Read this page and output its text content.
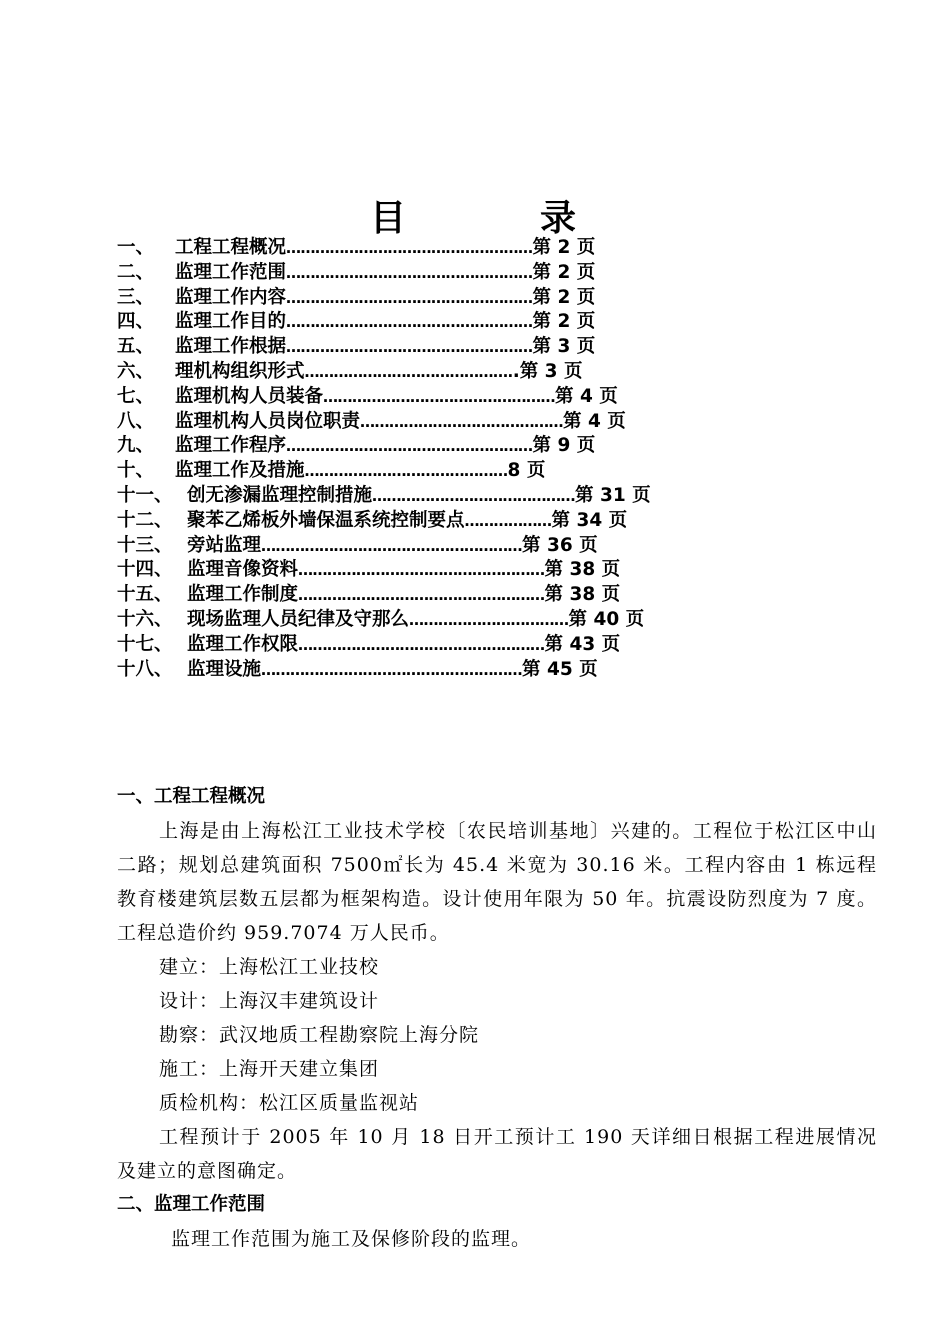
目	录
一、	工程工程概况 …………………………………………… 第 2 页
二、	监理工作范围 …………………………………………… 第 2 页
三、	监理工作内容 …………………………………………… 第 2 页
四、	监理工作目的 …………………………………………… 第 2 页
五、	监理工作根据 …………………………………………… 第 3 页
六、	理机构组织形式 ……………………………………. .第 3 页
七、	监理机构人员装备 ………………………………………… 第 4 页
八、	监理机构人员岗位职责 …………………………………… 第 4 页
九、	监理工作程序 …………………………………………… 第 9 页
十、	监理工作及措施 …………………………………… 8 页
十一、 创无渗漏监理控制措施 …………………………………… 第 31 页
十二、 聚苯乙烯板外墙保温系统控制要点 ……………… 第 34 页
十三、 旁站监理 ……………………………………………… 第 36 页
十四、 监理音像资料 …………………………………………… 第 38 页
十五、 监理工作制度 …………………………………………… 第 38 页
十六、 现场监理人员纪律及守那么 …………………………… 第 40 页
十七、 监理工作权限 …………………………………………… 第 43 页
十八、 监理设施 ……………………………………………… 第 45 页
一、工程工程概况
上海是由上海松江工业技术学校〔农民培训基地〕兴建的。工程位于松江区中山二路；规划总建筑面积 7500㎡长为 45.4 米宽为 30.16 米。工程内容由 1 栋远程教育楼建筑层数五层都为框架构造。设计使用年限为 50 年。抗震设防烈度为 7 度。工程总造价约 959.7074 万人民币。
建立：上海松江工业技校
设计：上海汉丰建筑设计
勘察：武汉地质工程勘察院上海分院
施工：上海开天建立集团
质检机构：松江区质量监视站
工程预计于 2005 年 10 月 18 日开工预计工 190 天详细日根据工程进展情况及建立的意图确定。
二、监理工作范围
监理工作范围为施工及保修阶段的监理。
